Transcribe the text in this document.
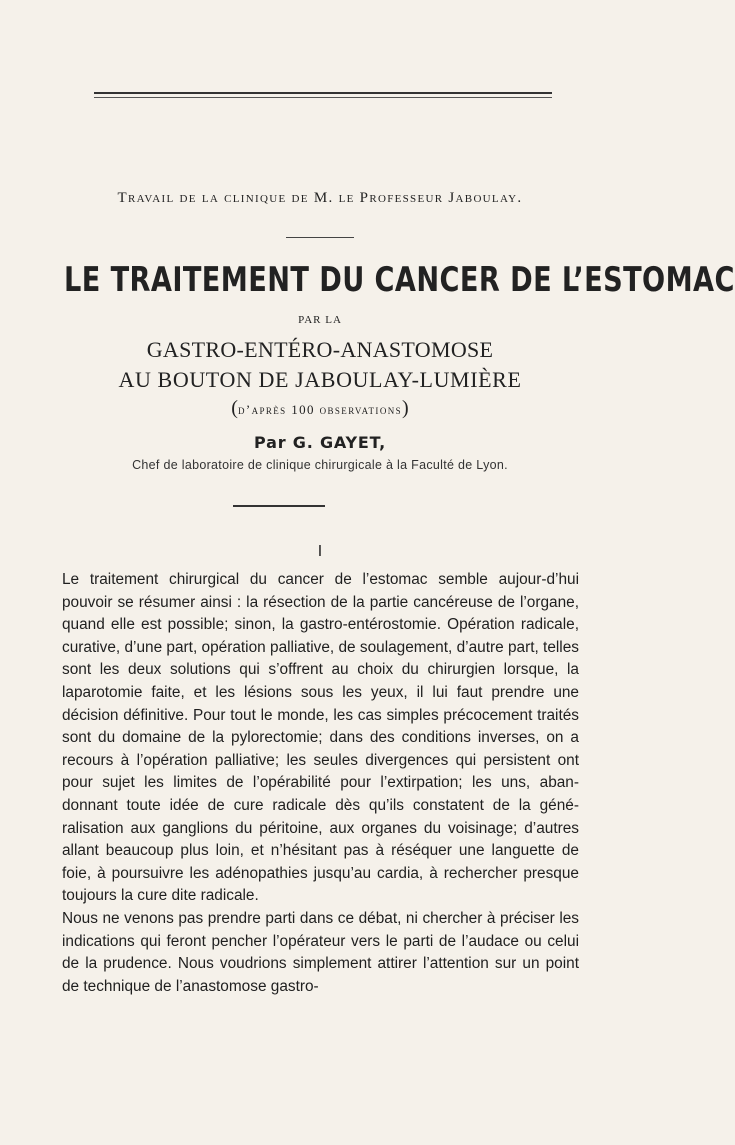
Travail de la clinique de M. le Professeur Jaboulay.
LE TRAITEMENT DU CANCER DE L’ESTOMAC
PAR LA
GASTRO-ENTÉRO-ANASTOMOSE
AU BOUTON DE JABOULAY-LUMIÈRE
(d’après 100 observations)
Par G. GAYET,
Chef de laboratoire de clinique chirurgicale à la Faculté de Lyon.
I

Le traitement chirurgical du cancer de l’estomac semble aujour-d’hui pouvoir se résumer ainsi : la résection de la partie cancéreuse de l’organe, quand elle est possible; sinon, la gastro-entérostomie. Opération radicale, curative, d’une part, opération palliative, de soulagement, d’autre part, telles sont les deux solutions qui s’offrent au choix du chirurgien lorsque, la laparotomie faite, et les lésions sous les yeux, il lui faut prendre une décision définitive. Pour tout le monde, les cas simples précocement traités sont du domaine de la pylorectomie; dans des conditions inverses, on a recours à l’opération palliative; les seules divergences qui persistent ont pour sujet les limites de l’opérabilité pour l’extirpation; les uns, aban-donnant toute idée de cure radicale dès qu’ils constatent de la géné-ralisation aux ganglions du péritoine, aux organes du voisinage; d’autres allant beaucoup plus loin, et n’hésitant pas à réséquer une languette de foie, à poursuivre les adénopathies jusqu’au cardia, à rechercher presque toujours la cure dite radicale.

Nous ne venons pas prendre parti dans ce débat, ni chercher à préciser les indications qui feront pencher l’opérateur vers le parti de l’audace ou celui de la prudence. Nous voudrions simplement attirer l’attention sur un point de technique de l’anastomose gastro-
